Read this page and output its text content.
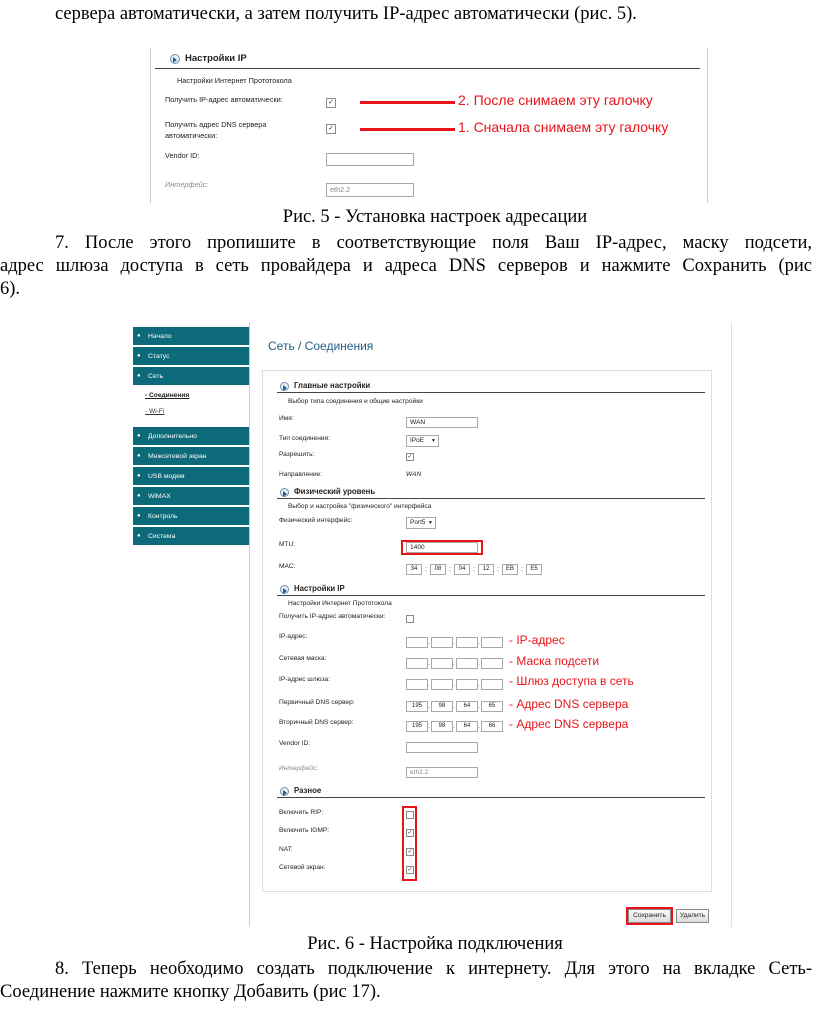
сервера автоматически, а затем получить IP-адрес автоматически (рис. 5).
Настройки IP
Настройки Интернет Прототокола
Получить IP-адрес автоматически:	✓
Получить адрес DNS сервера
автоматически:
✓
Vendor ID:
Интерфейс:
eth2.2
2. После снимаем эту галочку
1. Сначала снимаем эту галочку
Рис. 5 - Установка настроек адресации
7. После этого пропишите в соответствующие поля Ваш IP-адрес, маску подсети,
адрес шлюза доступа в сеть провайдера и адреса DNS серверов и нажмите Сохранить (рис
6).
● Начало
● Статус
● Сеть
- Соединения
- Wi-Fi
● Дополнительно
● Межсетевой экран
● USB модем
● WiMAX
● Контроль
● Система
Сеть / Соединения
Главные настройки
Выбор типа соединения и общие настройки
Имя:
WAN
Тип соединения:	IPoE ▼
Разрешить:	✓
Направление:	WAN
Физический уровень
Выбор и настройка "физического" интерфейса
Физический интерфейс:	Port5 ▼
MTU:	1400
MAC:	34	:	08	:	04	:	12	:	EB	:	E5
Настройки IP
Настройки Интернет Прототокола
Получить IP-адрес автоматически:
IP-адрес:
.	.	. - IP-адрес
Сетевая маска:
.	.	. - Маска подсети
IP-адрес шлюза:
.	.	. - Шлюз доступа в сеть
Первичный DNS сервер:	195 .	98	.	64	.	65	- Адрес DNS сервера
Вторичный DNS сервер:	195 .	98	.	64	.	66	- Адрес DNS сервера
Vendor ID:
Интерфейс:
eth2.2
Разное
Включить RIP:
Включить IGMP:	✓
NAT:	✓
Сетевой экран:	✓
Сохранить	Удалить
Рис. 6 - Настройка подключения
8. Теперь необходимо создать подключение к интернету. Для этого на вкладке Сеть-
Соединение нажмите кнопку Добавить (рис 17).
